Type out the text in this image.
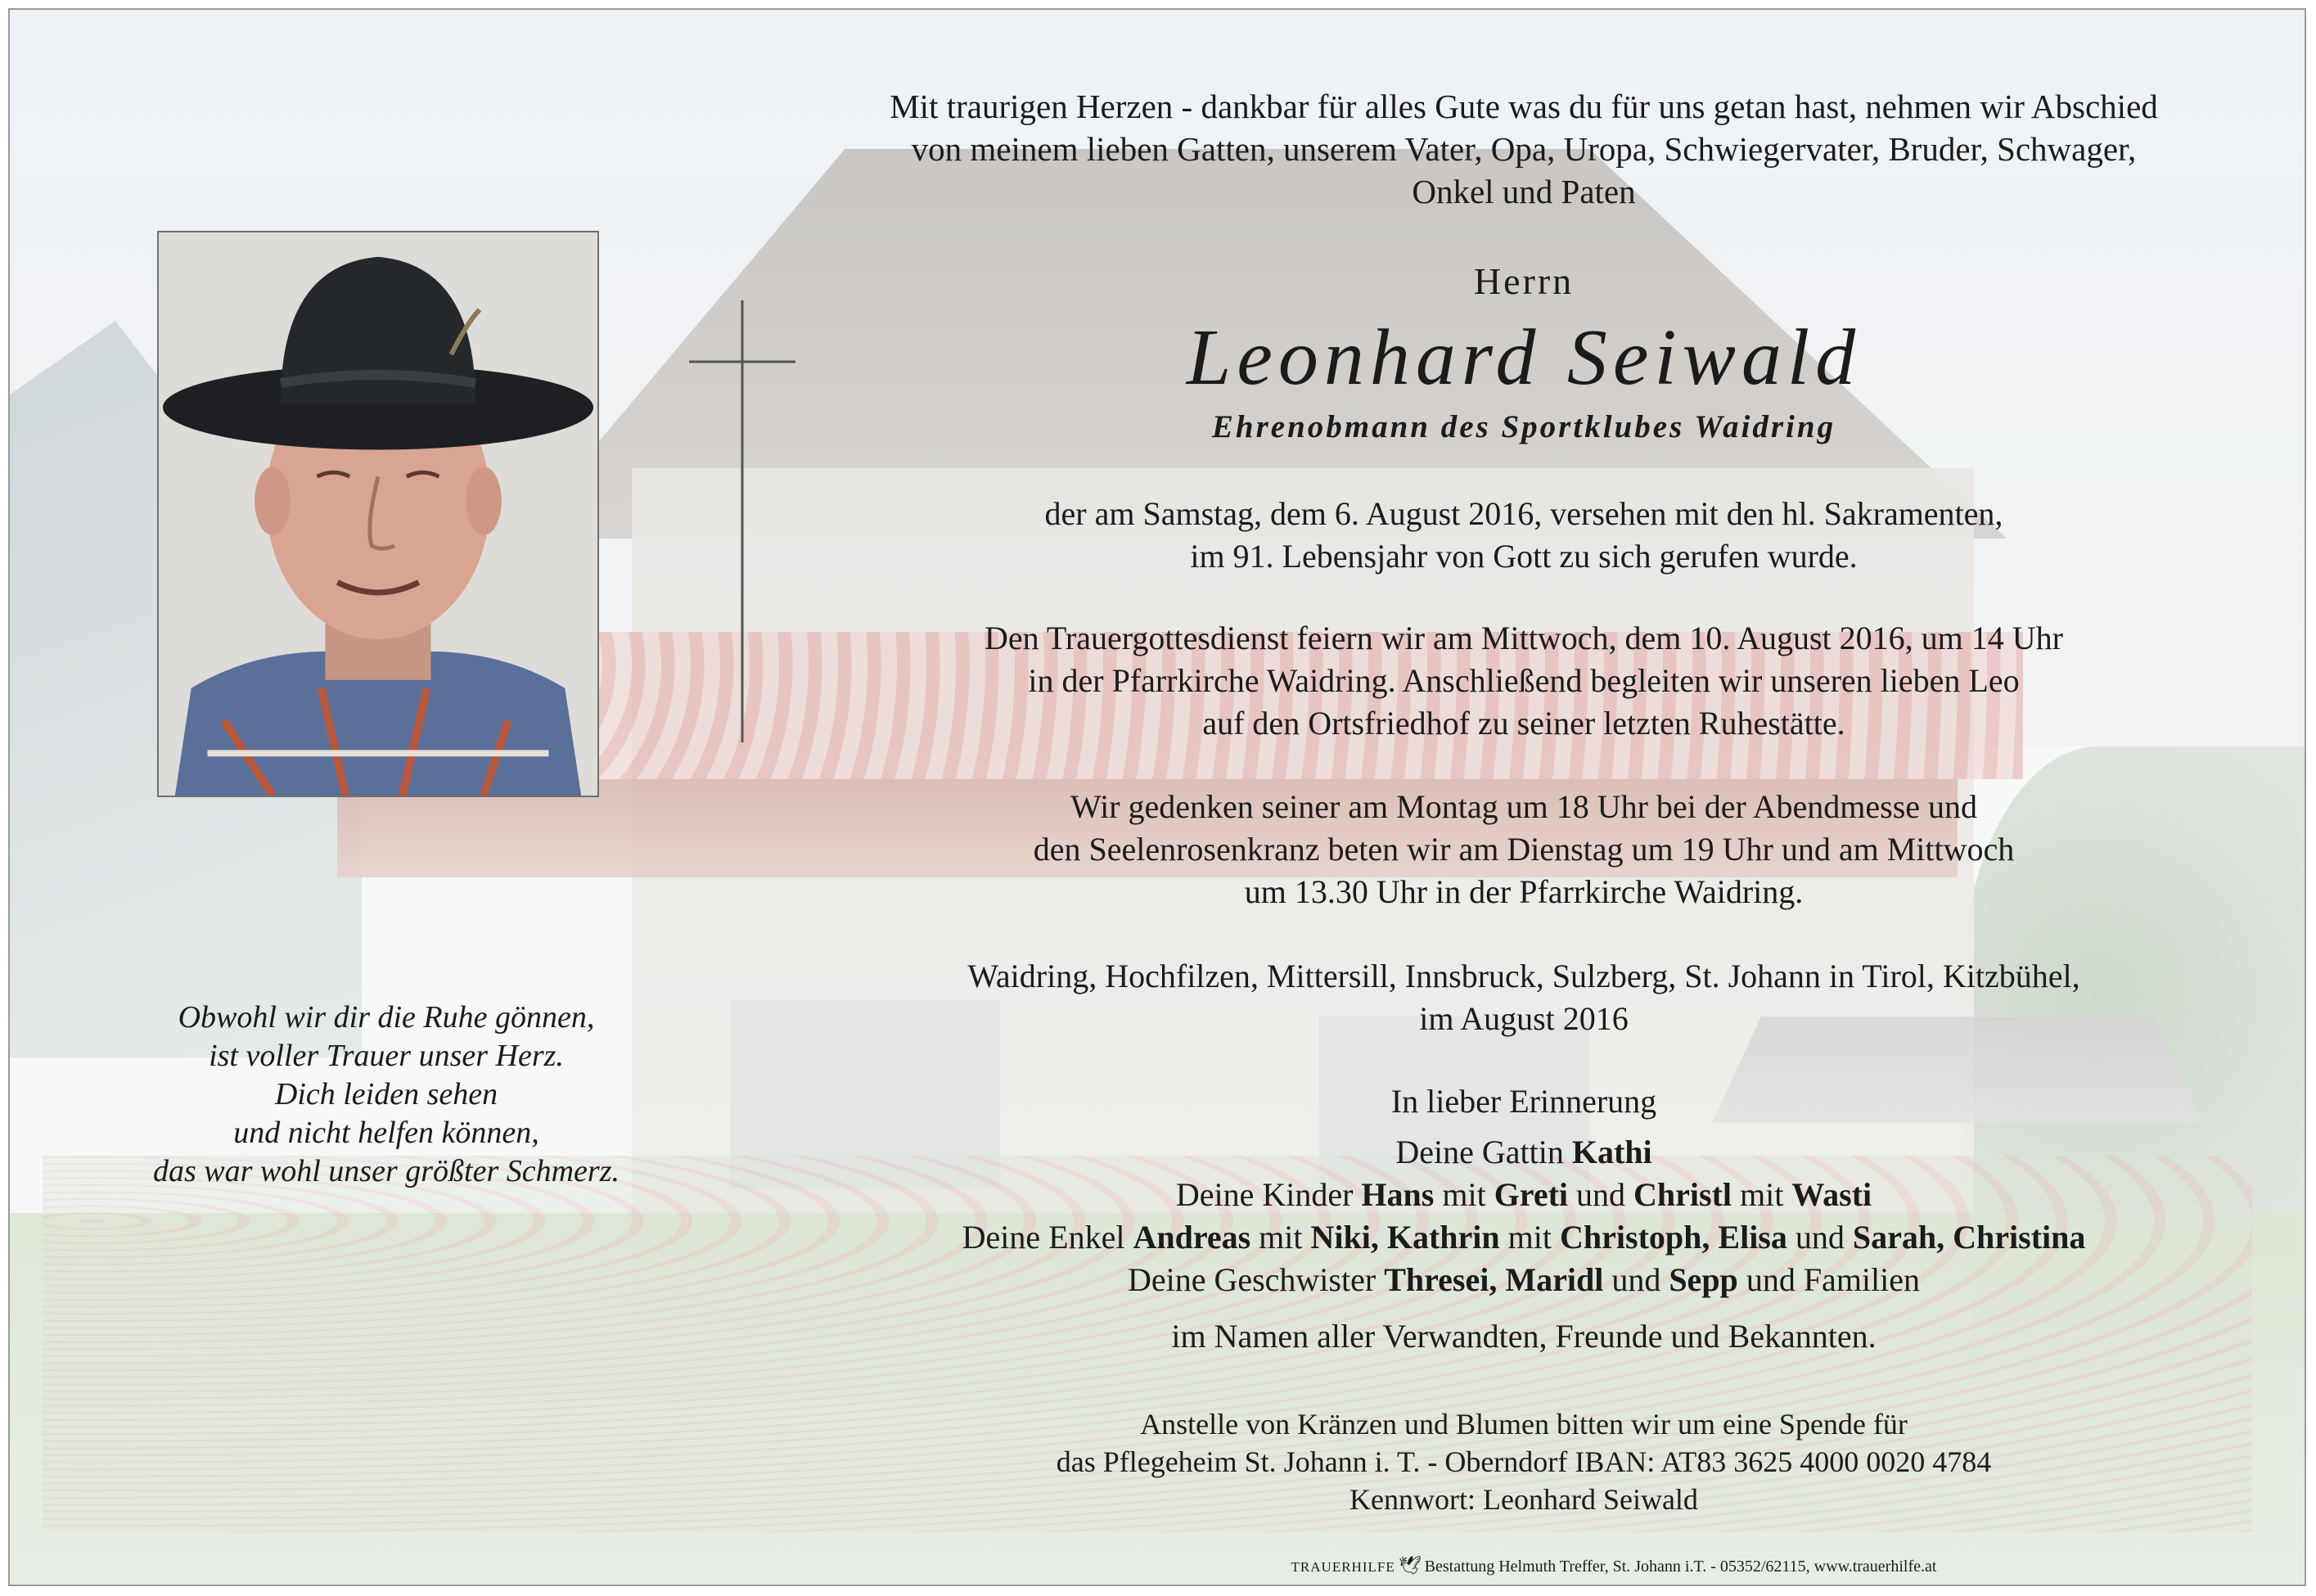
Mit traurigen Herzen - dankbar für alles Gute was du für uns getan hast, nehmen wir Abschied
von meinem lieben Gatten, unserem Vater, Opa, Uropa, Schwiegervater, Bruder, Schwager,
Onkel und Paten
Herrn
Leonhard Seiwald
Ehrenobmann des Sportklubes Waidring
der am Samstag, dem 6. August 2016, versehen mit den hl. Sakramenten,
im 91. Lebensjahr von Gott zu sich gerufen wurde.
Den Trauergottesdienst feiern wir am Mittwoch, dem 10. August 2016, um 14 Uhr
in der Pfarrkirche Waidring. Anschließend begleiten wir unseren lieben Leo
auf den Ortsfriedhof zu seiner letzten Ruhestätte.
Wir gedenken seiner am Montag um 18 Uhr bei der Abendmesse und
den Seelenrosenkranz beten wir am Dienstag um 19 Uhr und am Mittwoch
um 13.30 Uhr in der Pfarrkirche Waidring.
Waidring, Hochfilzen, Mittersill, Innsbruck, Sulzberg, St. Johann in Tirol, Kitzbühel,
im August 2016
In lieber Erinnerung
Deine Gattin Kathi
Deine Kinder Hans mit Greti und Christl mit Wasti
Deine Enkel Andreas mit Niki, Kathrin mit Christoph, Elisa und Sarah, Christina
Deine Geschwister Thresei, Maridl und Sepp und Familien
im Namen aller Verwandten, Freunde und Bekannten.
Anstelle von Kränzen und Blumen bitten wir um eine Spende für
das Pflegeheim St. Johann i. T. - Oberndorf IBAN: AT83 3625 4000 0020 4784
Kennwort: Leonhard Seiwald
Obwohl wir dir die Ruhe gönnen,
ist voller Trauer unser Herz.
Dich leiden sehen
und nicht helfen können,
das war wohl unser größter Schmerz.
TRAUERHILFE 🕊︎ Bestattung Helmuth Treffer, St. Johann i.T. - 05352/62115, www.trauerhilfe.at
